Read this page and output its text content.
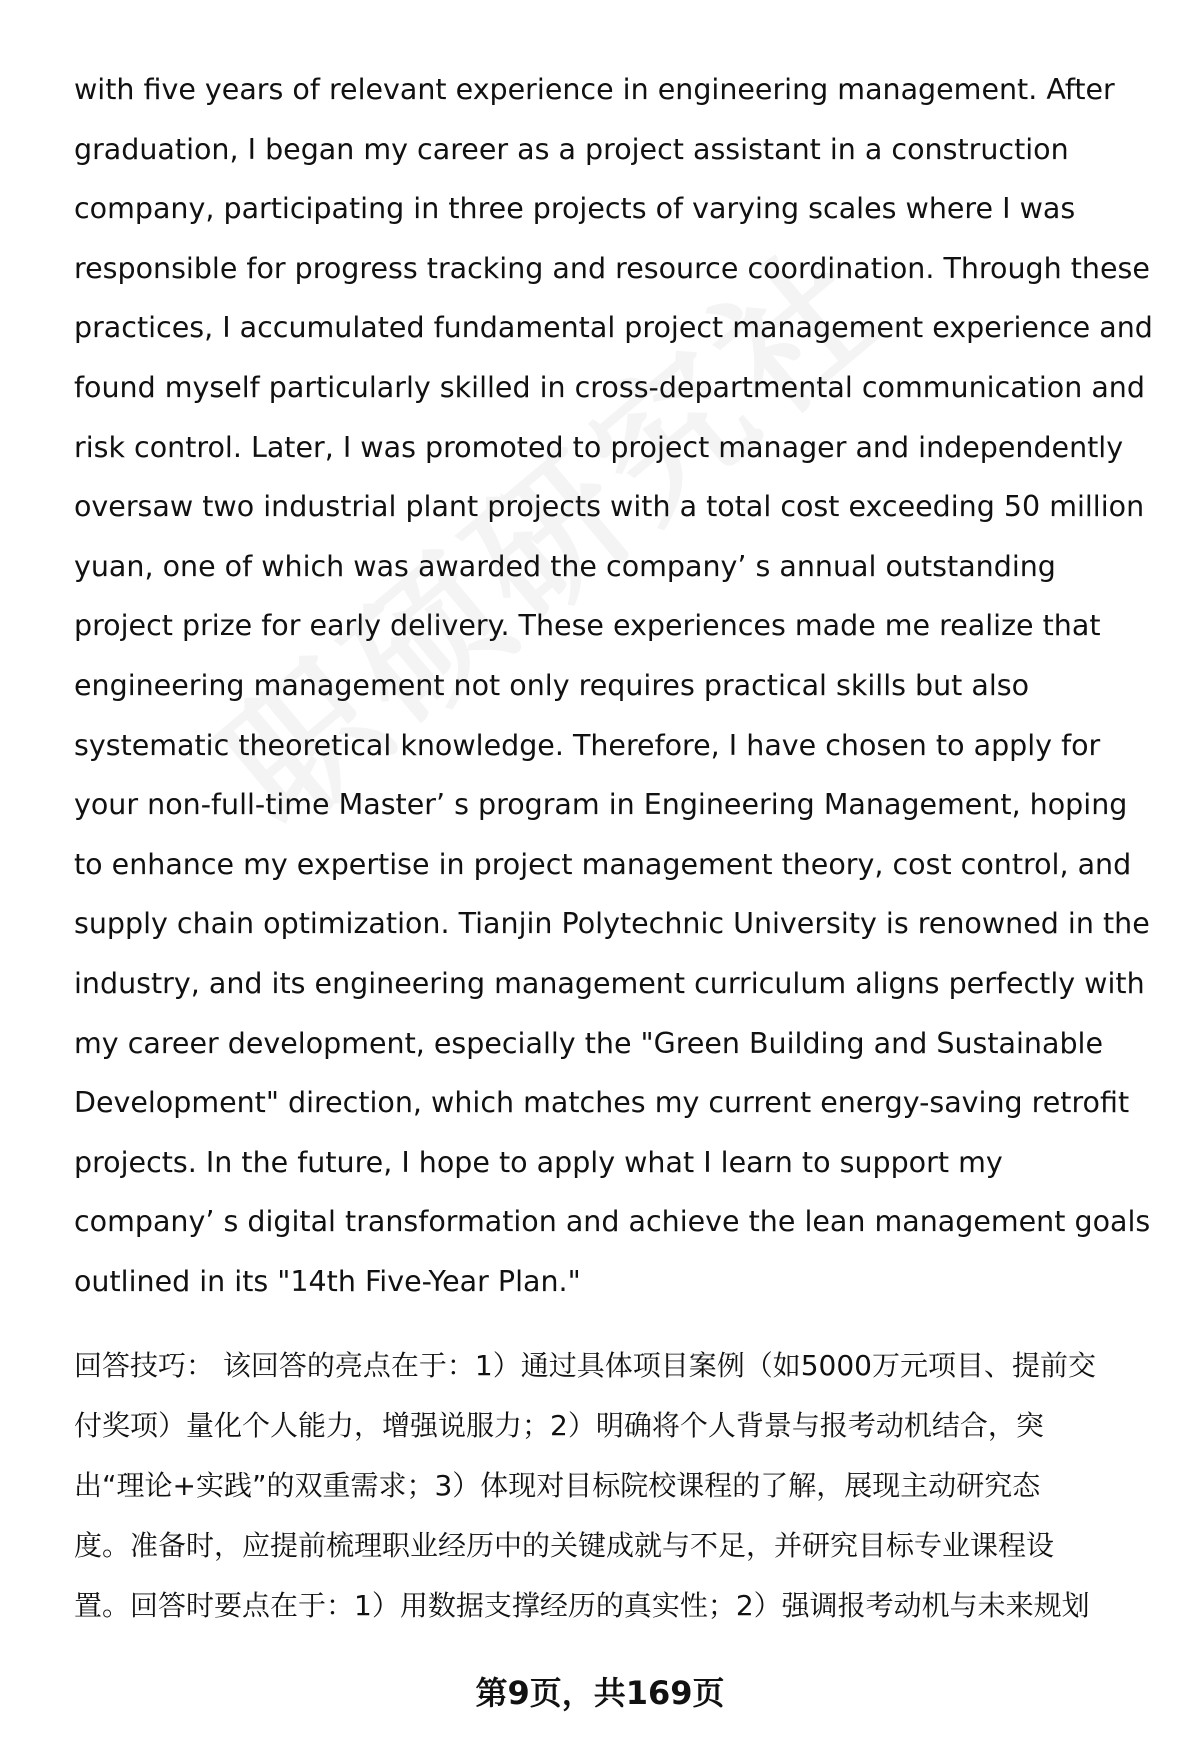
with five years of relevant experience in engineering management. After
graduation, I began my career as a project assistant in a construction
company, participating in three projects of varying scales where I was
responsible for progress tracking and resource coordination. Through these
practices, I accumulated fundamental project management experience and
found myself particularly skilled in cross-departmental communication and
risk control. Later, I was promoted to project manager and independently
oversaw two industrial plant projects with a total cost exceeding 50 million
yuan, one of which was awarded the company’ s annual outstanding
project prize for early delivery. These experiences made me realize that
engineering management not only requires practical skills but also
systematic theoretical knowledge. Therefore, I have chosen to apply for
your non-full-time Master’ s program in Engineering Management, hoping
to enhance my expertise in project management theory, cost control, and
supply chain optimization. Tianjin Polytechnic University is renowned in the
industry, and its engineering management curriculum aligns perfectly with
my career development, especially the "Green Building and Sustainable
Development" direction, which matches my current energy-saving retrofit
projects. In the future, I hope to apply what I learn to support my
company’ s digital transformation and achieve the lean management goals
outlined in its "14th Five-Year Plan."
回答技巧： 该回答的亮点在于：1）通过具体项目案例（如5000万元项目、提前交
付奖项）量化个人能力，增强说服力；2）明确将个人背景与报考动机结合，突
出“理论+实践”的双重需求；3）体现对目标院校课程的了解，展现主动研究态
度。准备时，应提前梳理职业经历中的关键成就与不足，并研究目标专业课程设
置。回答时要点在于：1）用数据支撑经历的真实性；2）强调报考动机与未来规划
第9页，共169页
